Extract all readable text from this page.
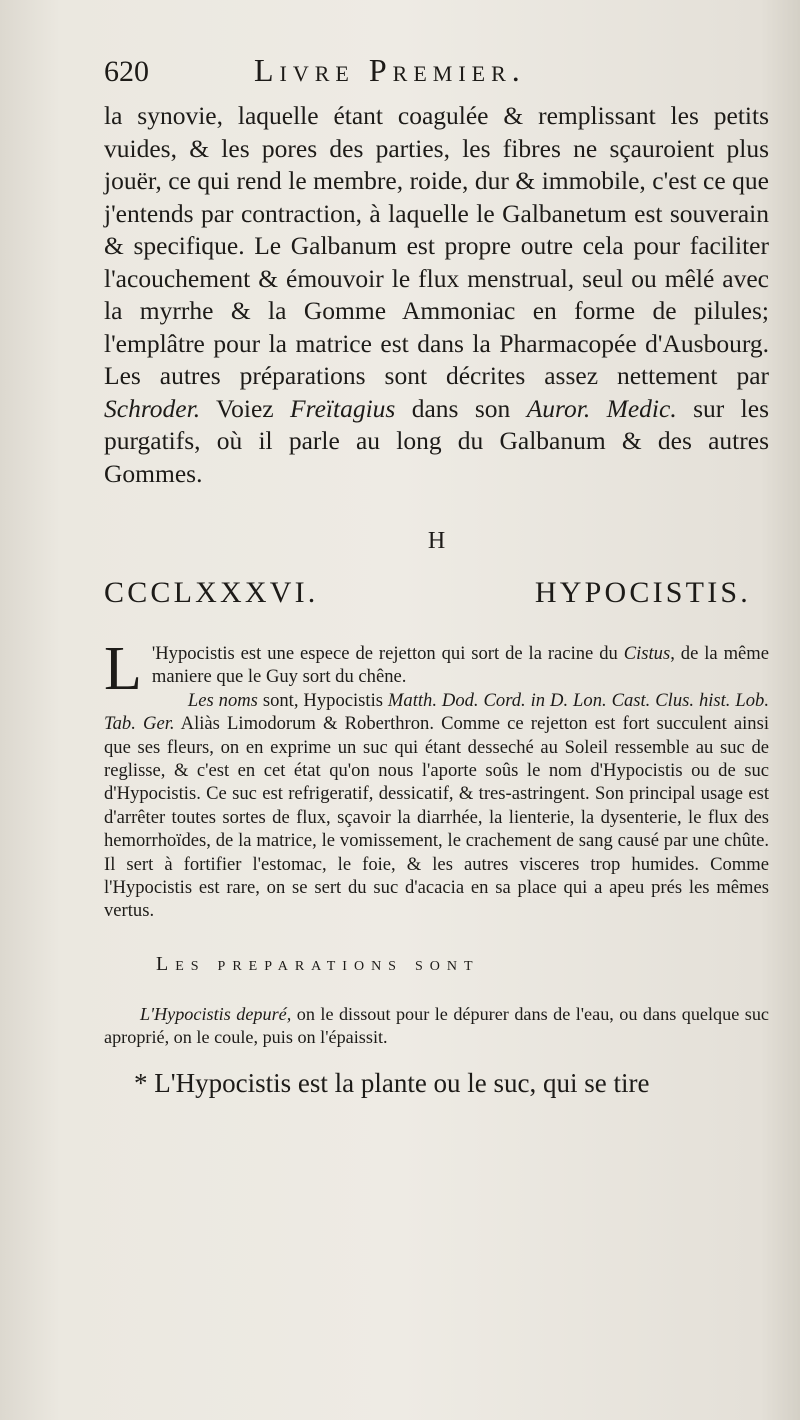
620	Livre Premier.

la synovie, laquelle étant coagulée & remplissant les petits vuides, & les pores des parties, les fibres ne sçauroient plus jouër, ce qui rend le membre, roide, dur & immobile, c'est ce que j'entends par contraction, à laquelle le Galbanetum est souverain & specifique. Le Galbanum est propre outre cela pour faciliter l'acouchement & émouvoir le flux menstrual, seul ou mêlé avec la myrrhe & la Gomme Ammoniac en forme de pilules; l'emplâtre pour la matrice est dans la Pharmacopée d'Ausbourg. Les autres préparations sont décrites assez nettement par Schroder. Voiez Freïtagius dans son Auror. Medic. sur les purgatifs, où il parle au long du Galbanum & des autres Gommes.

H
CCCLXXXVI.	HYPOCISTIS.

L 'Hypocistis est une espece de rejetton qui sort de la racine du Cistus, de la même maniere que le Guy sort du chêne.

Les noms sont, Hypocistis Matth. Dod. Cord. in D. Lon. Cast. Clus. hist. Lob. Tab. Ger. Aliàs Limodorum & Roberthron. Comme ce rejetton est fort succulent ainsi que ses fleurs, on en exprime un suc qui étant desseché au Soleil ressemble au suc de reglisse, & c'est en cet état qu'on nous l'aporte soûs le nom d'Hypocistis ou de suc d'Hypocistis. Ce suc est refrigeratif, dessicatif, & tres-astringent. Son principal usage est d'arrêter toutes sortes de flux, sçavoir la diarrhée, la lienterie, la dysenterie, le flux des hemorrhoïdes, de la matrice, le vomissement, le crachement de sang causé par une chûte. Il sert à fortifier l'estomac, le foie, & les autres visceres trop humides. Comme l'Hypocistis est rare, on se sert du suc d'acacia en sa place qui a apeu prés les mêmes vertus.

Les preparations sont
L'Hypocistis depuré, on le dissout pour le dépurer dans de l'eau, ou dans quelque suc aproprié, on le coule, puis on l'épaissit.
* L'Hypocistis est la plante ou le suc, qui se tire
